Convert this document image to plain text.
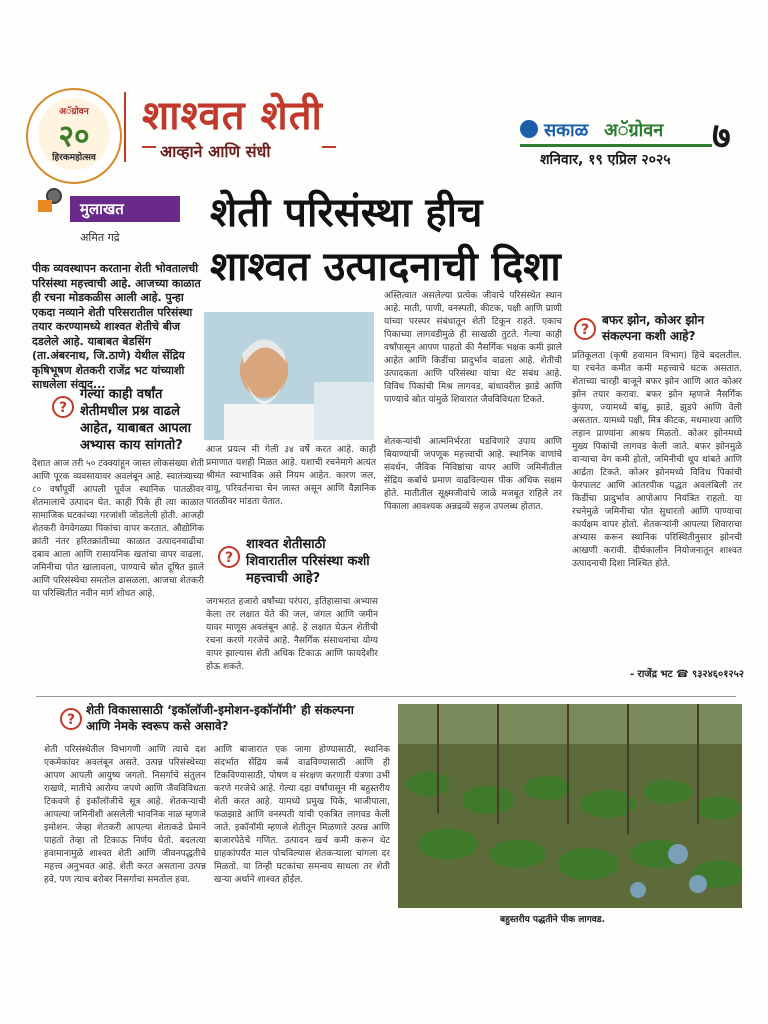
अॅग्रोवन
२०
हिरकमहोत्सव
शाश्वत शेती
आव्हाने आणि संधी
सकाळ अॅग्रोवन ७
शनिवार, १९ एप्रिल २०२५
मुलाखत
अमित गद्रे
शेती परिसंस्था हीच
शाश्वत उत्पादनाची दिशा
पीक व्यवस्थापन करताना शेती भोवतालची परिसंस्था महत्त्वाची आहे. आजच्या काळात ही रचना मोडकळीस आली आहे. पुन्हा एकदा नव्याने शेती परिसरातील परिसंस्था तयार करण्यामध्ये शाश्वत शेतीचे बीज दडलेले आहे. याबाबत बेडसिंग (ता.अंबरनाथ, जि.ठाणे) येथील सेंद्रिय कृषिभूषण शेतकरी राजेंद्र भट यांच्याशी साधलेला संवाद...
?
गेल्या काही वर्षांत शेतीमधील प्रश्न वाढले आहेत, याबाबत आपला अभ्यास काय सांगतो?
देशात आज तरी ५० टक्क्यांहून जास्त लोकसंख्या शेती आणि पूरक व्यवसायावर अवलंबून आहे. स्वातंत्र्याच्या ८० वर्षांपूर्वी आपली पूर्वज स्थानिक पातळीवर शेतमालाचे उत्पादन घेत. काही पिके ही त्या काळात सामाजिक घटकांच्या गरजांशी जोडलेली होती. आजही शेतकरी वेगवेगळ्या पिकांचा वापर करतात. औद्योगिक क्रांती नंतर हरितक्रांतीच्या काळात उत्पादनवाढीचा दबाव आला आणि रासायनिक खतांचा वापर वाढला. जमिनीचा पोत खालावला, पाण्याचे स्रोत दूषित झाले आणि परिसंस्थेचा समतोल ढासळला. आजचा शेतकरी या परिस्थितीत नवीन मार्ग शोधत आहे.
आज प्रयत्न मी गेली ३४ वर्षे करत आहे. काही प्रमाणात यशही मिळत आहे. यशाची रचनेमागे अत्यंत श्रीमंत स्वाभाविक असे नियम आहेत. कारण जल, वायू, परिवर्तनाचा चेन जास्त असून आणि वैज्ञानिक पातळीवर मांडता येतात.
अस्तित्वात असलेल्या प्रत्येक जीवाचे परिसंस्थेत स्थान आहे. माती, पाणी, वनस्पती, कीटक, पक्षी आणि प्राणी यांच्या परस्पर संबंधातून शेती टिकून राहते. एकाच पिकाच्या लागवडीमुळे ही साखळी तुटते. गेल्या काही वर्षांपासून आपण पाहतो की नैसर्गिक भक्षक कमी झाले आहेत आणि किडींचा प्रादुर्भाव वाढला आहे. शेतीची उत्पादकता आणि परिसंस्था यांचा थेट संबंध आहे. विविध पिकांची मिश्र लागवड, बांधावरील झाडे आणि पाण्याचे स्रोत यांमुळे शिवारात जैवविविधता टिकते.
शेतकऱ्यांची आत्मनिर्भरता घडविणारे उपाय आणि बियाण्यांची जपणूक महत्त्वाची आहे. स्थानिक वाणांचे संवर्धन, जैविक निविष्ठांचा वापर आणि जमिनीतील सेंद्रिय कर्बाचे प्रमाण वाढविल्यास पीक अधिक सक्षम होते. मातीतील सूक्ष्मजीवांचे जाळे मजबूत राहिले तर पिकाला आवश्यक अन्नद्रव्ये सहज उपलब्ध होतात.
?
शाश्वत शेतीसाठी शिवारातील परिसंस्था कशी महत्त्वाची आहे?
जगभरात हजारो वर्षांच्या परंपरा, इतिहासाचा अभ्यास केला तर लक्षात येते की जल, जंगल आणि जमीन यावर माणूस अवलंबून आहे. हे लक्षात घेऊन शेतीची रचना करणे गरजेचे आहे. नैसर्गिक संसाधनांचा योग्य वापर झाल्यास शेती अधिक टिकाऊ आणि फायदेशीर होऊ शकते.
?
बफर झोन, कोअर झोन संकल्पना कशी आहे?
प्रतिकूलता (कृषी हवामान विभाग) हिचे बदलतील. या रचनेत कमीत कमी महत्त्वाचे घटक असतात. शेताच्या चारही बाजूने बफर झोन आणि आत कोअर झोन तयार करावा. बफर झोन म्हणजे नैसर्गिक कुंपण, ज्यामध्ये बांबू, झाडे, झुडपे आणि वेली असतात. यामध्ये पक्षी, मित्र कीटक, मधमाश्या आणि लहान प्राण्यांना आश्रय मिळतो. कोअर झोनमध्ये मुख्य पिकांची लागवड केली जाते. बफर झोनमुळे वाऱ्याचा वेग कमी होतो, जमिनीची धूप थांबते आणि आर्द्रता टिकते. कोअर झोनमध्ये विविध पिकांची फेरपालट आणि आंतरपीक पद्धत अवलंबिली तर किडींचा प्रादुर्भाव आपोआप नियंत्रित राहतो. या रचनेमुळे जमिनीचा पोत सुधारतो आणि पाण्याचा कार्यक्षम वापर होतो. शेतकऱ्यांनी आपल्या शिवाराचा अभ्यास करून स्थानिक परिस्थितीनुसार झोनची आखणी करावी. दीर्घकालीन नियोजनातून शाश्वत उत्पादनाची दिशा निश्चित होते.
- राजेंद्र भट ☎ ९३२४६०१२५२
?
शेती विकासासाठी ‘इकॉलॉजी-इमोशन-इकॉनॉमी’ ही संकल्पना आणि नेमके स्वरूप कसे असावे?
शेती परिसंस्थेतील विभागणी आणि त्याचे दश एकमेकांवर अवलंबून असते. उत्पन्न परिसंस्थेच्या आपण आपली आयुष्य जगतो. निसर्गाचे संतुलन राखणे, मातीचे आरोग्य जपणे आणि जैवविविधता टिकवणे हे इकॉलॉजीचे सूत्र आहे. शेतकऱ्याची आपल्या जमिनीशी असलेली भावनिक नाळ म्हणजे इमोशन. जेव्हा शेतकरी आपल्या शेताकडे प्रेमाने पाहतो तेव्हा तो टिकाऊ निर्णय घेतो. बदलत्या हवामानामुळे शाश्वत शेती आणि जीवनपद्धतीचे महत्त्व अनुभवत आहे. शेती करत असताना उत्पन्न हवे, पण त्याच बरोबर निसर्गाचा समतोल हवा.
आणि बाजारात एक जागा होण्यासाठी, स्थानिक संदर्भात सेंद्रिय कर्ब वाढविण्यासाठी आणि ही टिकविण्यासाठी, पोषण व संरक्षण करणारी यंत्रणा उभी करणे गरजेचे आहे. गेल्या दहा वर्षांपासून मी बहुस्तरीय शेती करत आहे. यामध्ये प्रमुख पिके, भाजीपाला, फळझाडे आणि वनस्पती यांची एकत्रित लागवड केली जाते. इकॉनॉमी म्हणजे शेतीतून मिळणारे उत्पन्न आणि बाजारपेठेचे गणित. उत्पादन खर्च कमी करून थेट ग्राहकांपर्यंत माल पोचविल्यास शेतकऱ्याला चांगला दर मिळतो. या तिन्ही घटकांचा समन्वय साधला तर शेती खऱ्या अर्थाने शाश्वत होईल.
बहुस्तरीय पद्धतीने पीक लागवड.
